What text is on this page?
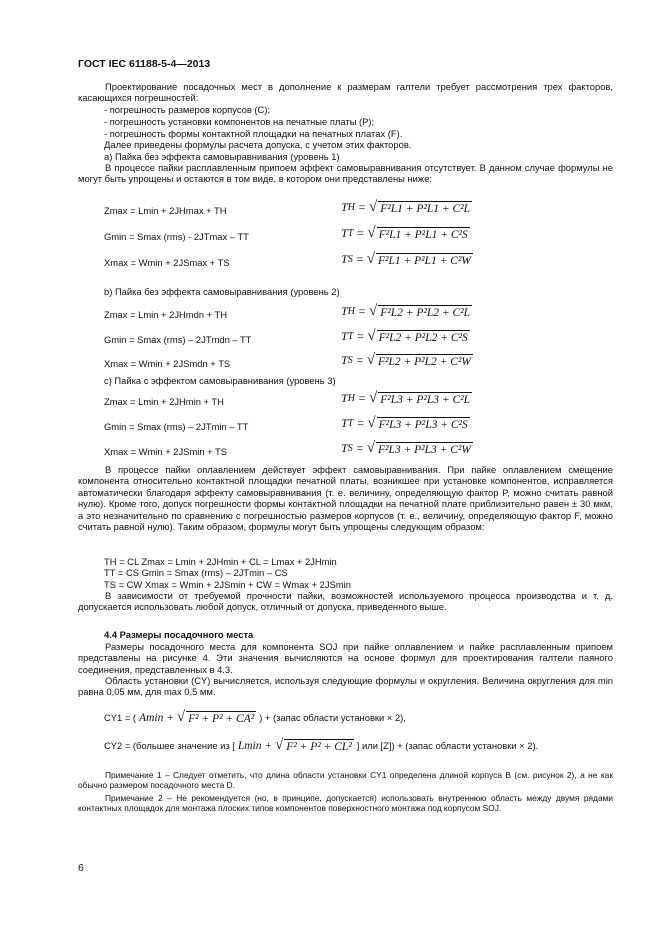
ГОСТ IEC 61188-5-4—2013
Проектирование посадочных мест в дополнение к размерам галтели требует рассмотрения трех факторов, касающихся погрешностей:
- погрешность размеров корпусов (C);
- погрешность установки компонентов на печатные платы (P);
- погрешность формы контактной площадки на печатных платах (F).
Далее приведены формулы расчета допуска, с учетом этих факторов.
а) Пайка без эффекта самовыравнивания (уровень 1)
В процессе пайки расплавленным припоем эффект самовыравнивания отсутствует. В данном случае формулы не могут быть упрощены и остаются в том виде, в котором они представлены ниже:
Zmax = Lmin + 2JHmax + TH	T H = √ F²L1 + P²L1 + C²L
Gmin = Smax (rms) - 2JTmax – TT	T T = √ F²L1 + P²L1 + C²S
Xmax = Wmin + 2JSmax + TS	T S = √ F²L1 + P²L1 + C²W
b) Пайка без эффекта самовыравнивания (уровень 2)
Zmax = Lmin + 2JHmdn + TH	T H = √ F²L2 + P²L2 + C²L
Gmin = Smax (rms) – 2JTmdn – TT	T T = √ F²L2 + P²L2 + C²S
Xmax = Wmin + 2JSmdn + TS	T S = √ F²L2 + P²L2 + C²W
с) Пайка с эффектом самовыравнивания (уровень 3)
Zmax = Lmin + 2JHmin + TH	T H = √ F²L3 + P²L3 + C²L
Gmin = Smax (rms) – 2JTmin – TT	T T = √ F²L3 + P²L3 + C²S
Xmax = Wmin + 2JSmin + TS	T S = √ F²L3 + P²L3 + C²W
В процессе пайки оплавлением действует эффект самовыравнивания. При пайке оплавлением смещение компонента относительно контактной площадки печатной платы, возникшее при установке компонентов, исправляется автоматически благодаря эффекту самовыравнивания (т. е. величину, определяющую фактор P, можно считать равной нулю). Кроме того, допуск погрешности формы контактной площадки на печатной плате приблизительно равен ± 30 мкм, а это незначительно по сравнению с погрешностью размеров корпусов (т. е., величину, определяющую фактор F, можно считать равной нулю). Таким образом, формулы могут быть упрощены следующим образом:
TH = CL Zmax = Lmin + 2JHmin + CL = Lmax + 2JHmin
TT = CS Gmin = Smax (rms) – 2JTmin – CS
TS = CW Xmax = Wmin + 2JSmin + CW = Wmax + 2JSmin
В зависимости от требуемой прочности пайки, возможностей используемого процесса производства и т. д. допускается использовать любой допуск, отличный от допуска, приведенного выше.
4.4 Размеры посадочного места
Размеры посадочного места для компонента SOJ при пайке оплавлением и пайке расплавленным припоем представлены на рисунке 4. Эти значения вычисляются на основе формул для проектирования галтели паяного соединения, представленных в 4.3.
Область установки (CY) вычисляется, используя следующие формулы и округления. Величина округления для min равна 0,05 мм, для max 0,5 мм.
CY1 = ( Amin + √ F² + P² + CA² ) + (запас области установки × 2),
CY2 = (большее значение из [ Lmin + √ F² + P² + CL² ] или [Z]) + (запас области установки × 2).
Примечание 1 – Следует отметить, что длина области установки CY1 определена длиной корпуса B (см. рисунок 2), а не как обычно размером посадочного места D.
Примечание 2 – Не рекомендуется (но, в принципе, допускается) использовать внутреннюю область между двумя рядами контактных площадок для монтажа плоских типов компонентов поверхностного монтажа под корпусом SOJ.
6
